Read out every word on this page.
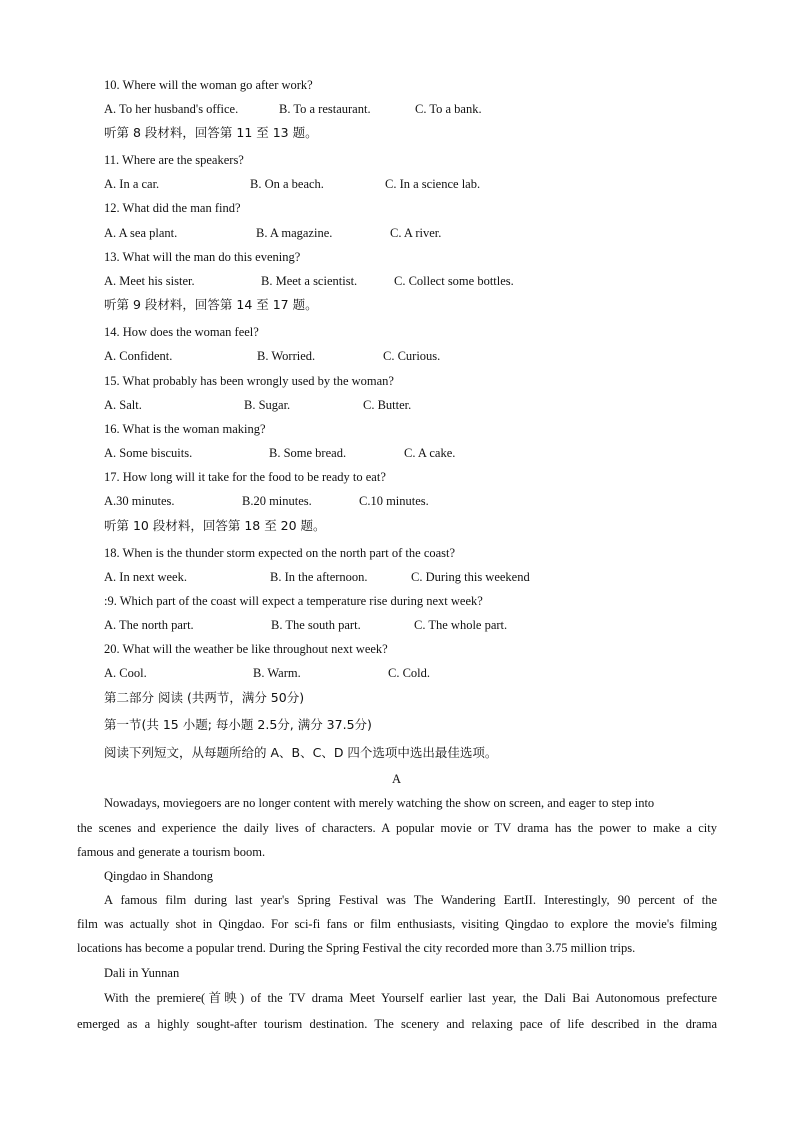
10. Where will the woman go after work?
A. To her husband's office.	B. To a restaurant.	C. To a bank.
听第 8 段材料，回答第 11 至 13 题。
11. Where are the speakers?
A. In a car.	B. On a beach.	C. In a science lab.
12. What did the man find?
A. A sea plant.	B. A magazine.	C. A river.
13. What will the man do this evening?
A. Meet his sister.	B. Meet a scientist.	C. Collect some bottles.
听第 9 段材料，回答第 14 至 17 题。
14. How does the woman feel?
A. Confident.	B. Worried.	C. Curious.
15. What probably has been wrongly used by the woman?
A. Salt.	B. Sugar.	C. Butter.
16. What is the woman making?
A. Some biscuits.	B. Some bread.	C. A cake.
17. How long will it take for the food to be ready to eat?
A.30 minutes.	B.20 minutes.	C.10 minutes.
听第 10 段材料，回答第 18 至 20 题。
18. When is the thunder storm expected on the north part of the coast?
A. In next week.	B. In the afternoon.	C. During this weekend
:9. Which part of the coast will expect a temperature rise during next week?
A. The north part.	B. The south part.	C. The whole part.
20. What will the weather be like throughout next week?
A. Cool.	B. Warm.	C. Cold.
第二部分 阅读 (共两节，满分 50分)
第一节(共 15 小题; 每小题 2.5分, 满分 37.5分)
阅读下列短文，从每题所给的 A、B、C、D 四个选项中选出最佳选项。
A
Nowadays, moviegoers are no longer content with merely watching the show on screen, and eager to step into
the scenes and experience the daily lives of characters. A popular movie or TV drama has the power to make a city
famous and generate a tourism boom.
Qingdao in Shandong
A famous film during last year's Spring Festival was The Wandering EartII. Interestingly, 90 percent of the
film was actually shot in Qingdao. For sci-fi fans or film enthusiasts, visiting Qingdao to explore the movie's filming
locations has become a popular trend. During the Spring Festival the city recorded more than 3.75 million trips.
Dali in Yunnan
With the premiere(首映) of the TV drama Meet Yourself earlier last year, the Dali Bai Autonomous prefecture
emerged as a highly sought-after tourism destination. The scenery and relaxing pace of life described in the drama
